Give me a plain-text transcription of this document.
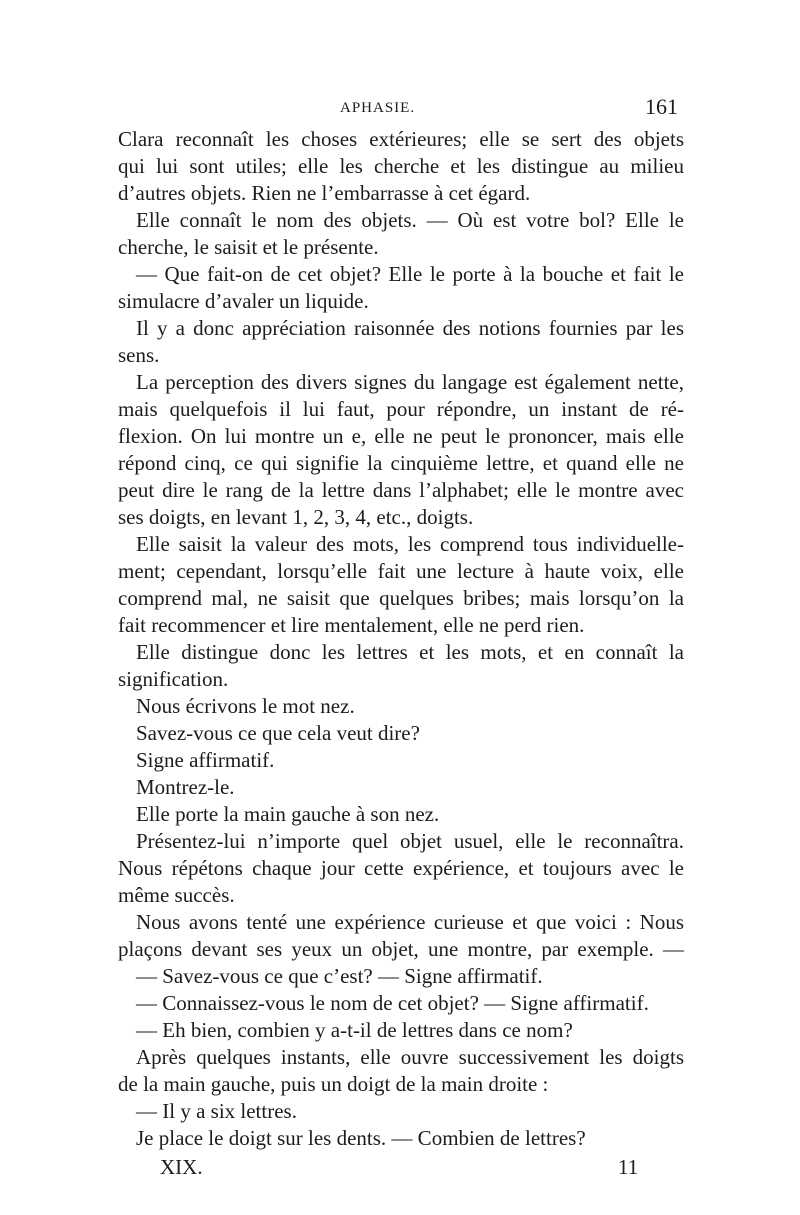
APHASIE.	161
Clara reconnaît les choses extérieures; elle se sert des objets
qui lui sont utiles; elle les cherche et les distingue au milieu
d’autres objets. Rien ne l’embarrasse à cet égard.
Elle connaît le nom des objets. — Où est votre bol? Elle le
cherche, le saisit et le présente.
— Que fait-on de cet objet? Elle le porte à la bouche et fait le
simulacre d’avaler un liquide.
Il y a donc appréciation raisonnée des notions fournies par les
sens.
La perception des divers signes du langage est également nette,
mais quelquefois il lui faut, pour répondre, un instant de ré-
flexion. On lui montre un e, elle ne peut le prononcer, mais elle
répond cinq, ce qui signifie la cinquième lettre, et quand elle ne
peut dire le rang de la lettre dans l’alphabet; elle le montre avec
ses doigts, en levant 1, 2, 3, 4, etc., doigts.
Elle saisit la valeur des mots, les comprend tous individuelle-
ment; cependant, lorsqu’elle fait une lecture à haute voix, elle
comprend mal, ne saisit que quelques bribes; mais lorsqu’on la
fait recommencer et lire mentalement, elle ne perd rien.
Elle distingue donc les lettres et les mots, et en connaît la
signification.
Nous écrivons le mot nez.
Savez-vous ce que cela veut dire?
Signe affirmatif.
Montrez-le.
Elle porte la main gauche à son nez.
Présentez-lui n’importe quel objet usuel, elle le reconnaîtra.
Nous répétons chaque jour cette expérience, et toujours avec le
même succès.
Nous avons tenté une expérience curieuse et que voici : Nous
plaçons devant ses yeux un objet, une montre, par exemple. —
— Savez-vous ce que c’est? — Signe affirmatif.
— Connaissez-vous le nom de cet objet? — Signe affirmatif.
— Eh bien, combien y a-t-il de lettres dans ce nom?
Après quelques instants, elle ouvre successivement les doigts
de la main gauche, puis un doigt de la main droite :
— Il y a six lettres.
Je place le doigt sur les dents. — Combien de lettres?
XIX.	11
